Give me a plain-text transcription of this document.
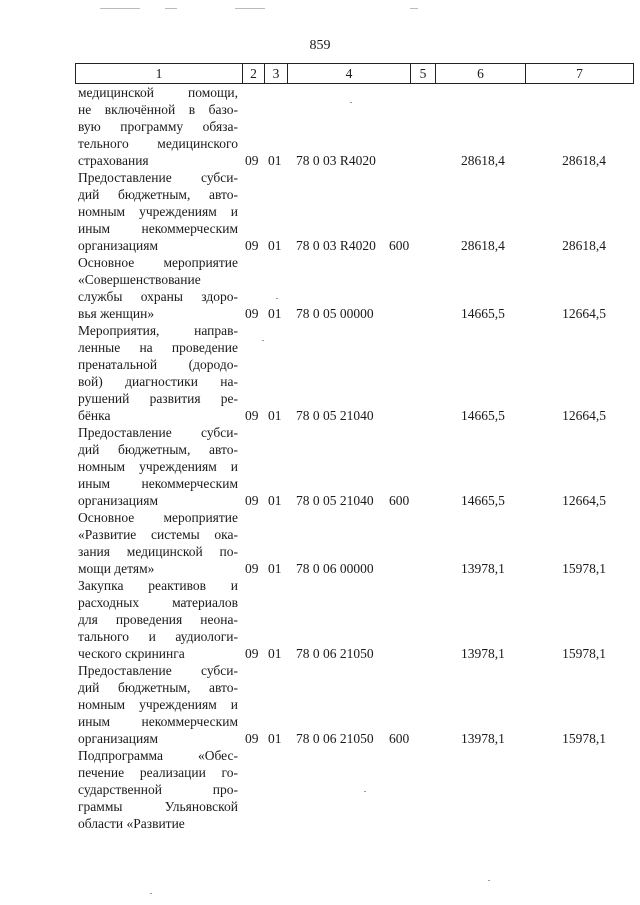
859
1	2	3	4	5	6	7
медицинской помощи,
не включённой в базо-
вую программу обяза-
тельного медицинского
страхования	09 01 78 0 03 R4020	28618,4	28618,4
Предоставление субси-
дий бюджетным, авто-
номным учреждениям и
иным некоммерческим
организациям	09 01 78 0 03 R4020 600	28618,4	28618,4
Основное мероприятие
«Совершенствование
службы охраны здоро-
вья женщин»	09 01 78 0 05 00000	14665,5	12664,5
Мероприятия, направ-
ленные на проведение
пренатальной (дородо-
вой) диагностики на-
рушений развития ре-
бёнка	09 01 78 0 05 21040	14665,5	12664,5
Предоставление субси-
дий бюджетным, авто-
номным учреждениям и
иным некоммерческим
организациям	09 01 78 0 05 21040 600	14665,5	12664,5
Основное мероприятие
«Развитие системы ока-
зания медицинской по-
мощи детям»	09 01 78 0 06 00000	13978,1	15978,1
Закупка реактивов и
расходных материалов
для проведения неона-
тального и аудиологи-
ческого скрининга	09 01 78 0 06 21050	13978,1	15978,1
Предоставление субси-
дий бюджетным, авто-
номным учреждениям и
иным некоммерческим
организациям	09 01 78 0 06 21050 600	13978,1	15978,1
Подпрограмма «Обес-
печение реализации го-
сударственной про-
граммы Ульяновской
области «Развитие
